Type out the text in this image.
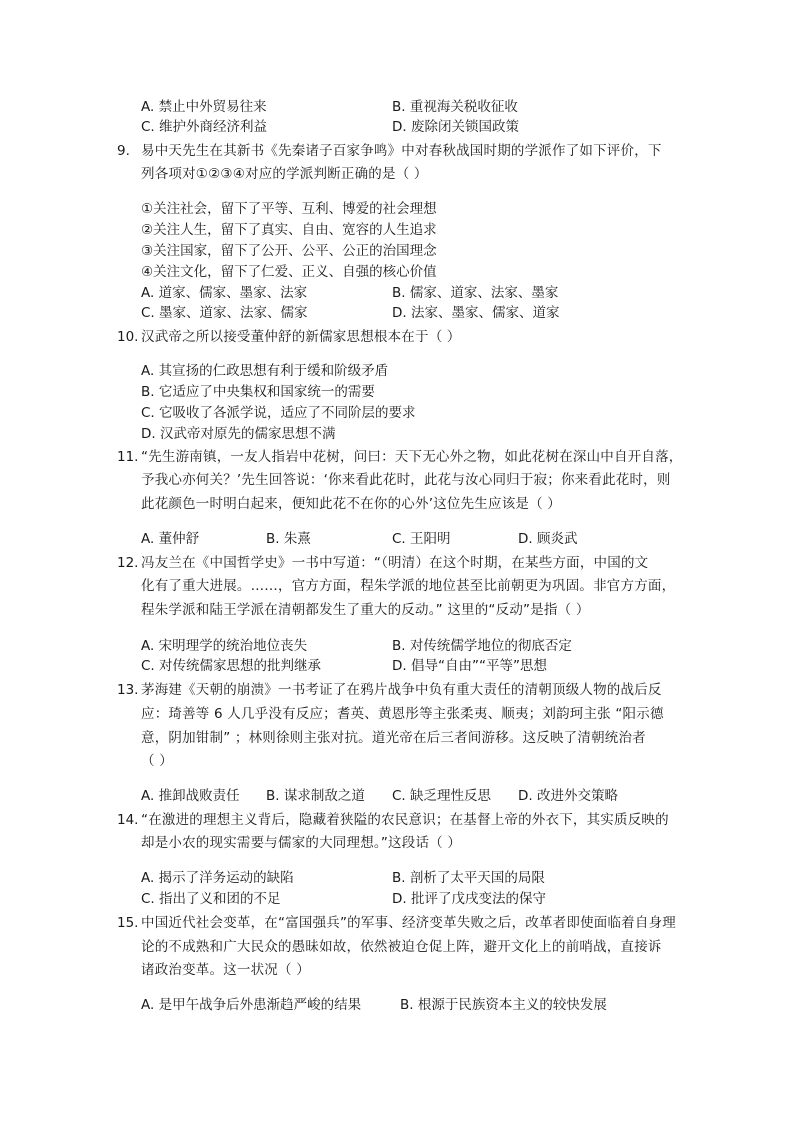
A. 禁止中外贸易往来	B. 重视海关税收征收
C. 维护外商经济利益	D. 废除闭关锁国政策
9. 易中天先生在其新书《先秦诸子百家争鸣》中对春秋战国时期的学派作了如下评价，下
列各项对①②③④对应的学派判断正确的是（ ）
①关注社会，留下了平等、互利、博爱的社会理想
②关注人生，留下了真实、自由、宽容的人生追求
③关注国家，留下了公开、公平、公正的治国理念
④关注文化，留下了仁爱、正义、自强的核心价值
A. 道家、儒家、墨家、法家	B. 儒家、道家、法家、墨家
C. 墨家、道家、法家、儒家	D. 法家、墨家、儒家、道家
10. 汉武帝之所以接受董仲舒的新儒家思想根本在于（ ）
A. 其宣扬的仁政思想有利于缓和阶级矛盾
B. 它适应了中央集权和国家统一的需要
C. 它吸收了各派学说，适应了不同阶层的要求
D. 汉武帝对原先的儒家思想不满
11. “先生游南镇，一友人指岩中花树，问曰：天下无心外之物，如此花树在深山中自开自落，
予我心亦何关？’先生回答说：‘你来看此花时，此花与汝心同归于寂；你来看此花时，则
此花颜色一时明白起来，便知此花不在你的心外’这位先生应该是（ ）
A. 董仲舒	B. 朱熹	C. 王阳明	D. 顾炎武
12. 冯友兰在《中国哲学史》一书中写道：“（明清）在这个时期，在某些方面，中国的文
化有了重大进展。……，官方方面，程朱学派的地位甚至比前朝更为巩固。非官方方面，
程朱学派和陆王学派在清朝都发生了重大的反动。” 这里的“反动”是指（ ）
A. 宋明理学的统治地位丧失	B. 对传统儒学地位的彻底否定
C. 对传统儒家思想的批判继承	D. 倡导“自由”“平等”思想
13. 茅海建《天朝的崩溃》一书考证了在鸦片战争中负有重大责任的清朝顶级人物的战后反
应：琦善等 6 人几乎没有反应；耆英、黄恩彤等主张柔夷、顺夷；刘韵珂主张 “阳示德
意，阴加钳制” ；林则徐则主张对抗。道光帝在后三者间游移。这反映了清朝统治者
（ ）
A. 推卸战败责任 B. 谋求制敌之道 C. 缺乏理性反思 D. 改进外交策略
14. “在激进的理想主义背后，隐藏着狭隘的农民意识；在基督上帝的外衣下，其实质反映的
却是小农的现实需要与儒家的大同理想。”这段话（ ）
A. 揭示了洋务运动的缺陷	B. 剖析了太平天国的局限
C. 指出了义和团的不足	D. 批评了戊戌变法的保守
15. 中国近代社会变革，在“富国强兵”的军事、经济变革失败之后，改革者即使面临着自身理
论的不成熟和广大民众的愚昧如故，依然被迫仓促上阵，避开文化上的前哨战，直接诉
诸政治变革。这一状况（ ）
A. 是甲午战争后外患渐趋严峻的结果	B. 根源于民族资本主义的较快发展
